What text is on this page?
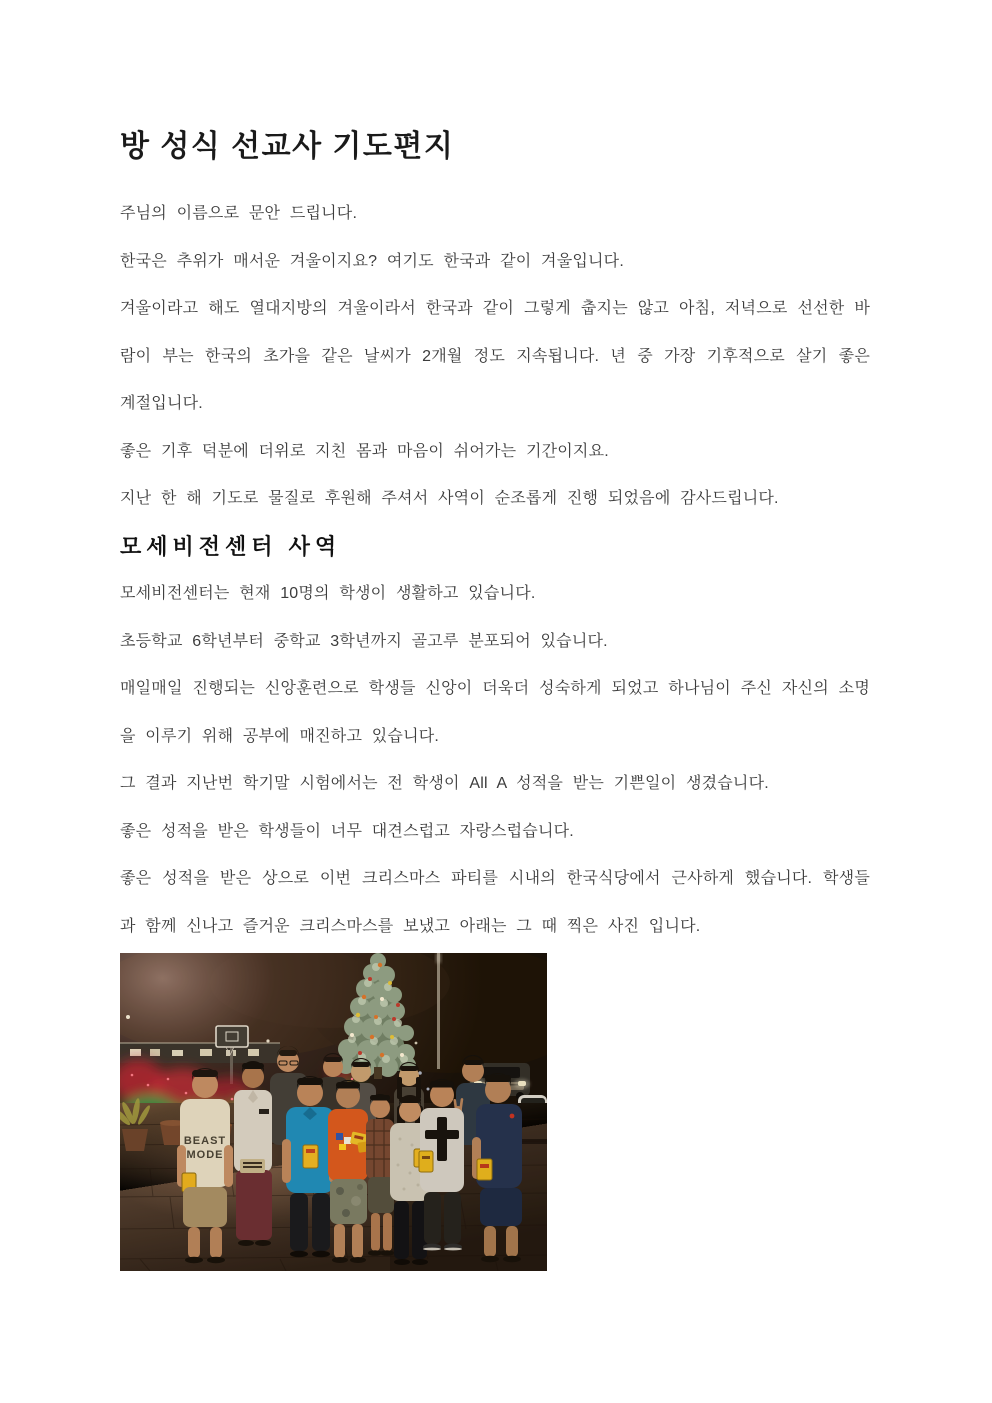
방 성식 선교사 기도편지

주님의 이름으로 문안 드립니다.

한국은 추위가 매서운 겨울이지요? 여기도 한국과 같이 겨울입니다.

겨울이라고 해도 열대지방의 겨울이라서 한국과 같이 그렇게 춥지는 않고 아침, 저녁으로 선선한 바람이 부는 한국의 초가을 같은 날씨가 2개월 정도 지속됩니다. 년 중 가장 기후적으로 살기 좋은 계절입니다.

좋은 기후 덕분에 더위로 지친 몸과 마음이 쉬어가는 기간이지요.

지난 한 해 기도로 물질로 후원해 주셔서 사역이 순조롭게 진행 되었음에 감사드립니다.

모세비전센터 사역

모세비전센터는 현재 10명의 학생이 생활하고 있습니다.

초등학교 6학년부터 중학교 3학년까지 골고루 분포되어 있습니다.

매일매일 진행되는 신앙훈련으로 학생들 신앙이 더욱더 성숙하게 되었고 하나님이 주신 자신의 소명을 이루기 위해 공부에 매진하고 있습니다.

그 결과 지난번 학기말 시험에서는 전 학생이 All A 성적을 받는 기쁜일이 생겼습니다.

좋은 성적을 받은 학생들이 너무 대견스럽고 자랑스럽습니다.

좋은 성적을 받은 상으로 이번 크리스마스 파티를 시내의 한국식당에서 근사하게 했습니다. 학생들과 함께 신나고 즐거운 크리스마스를 보냈고 아래는 그 때 찍은 사진 입니다.

BEAST
MODE
